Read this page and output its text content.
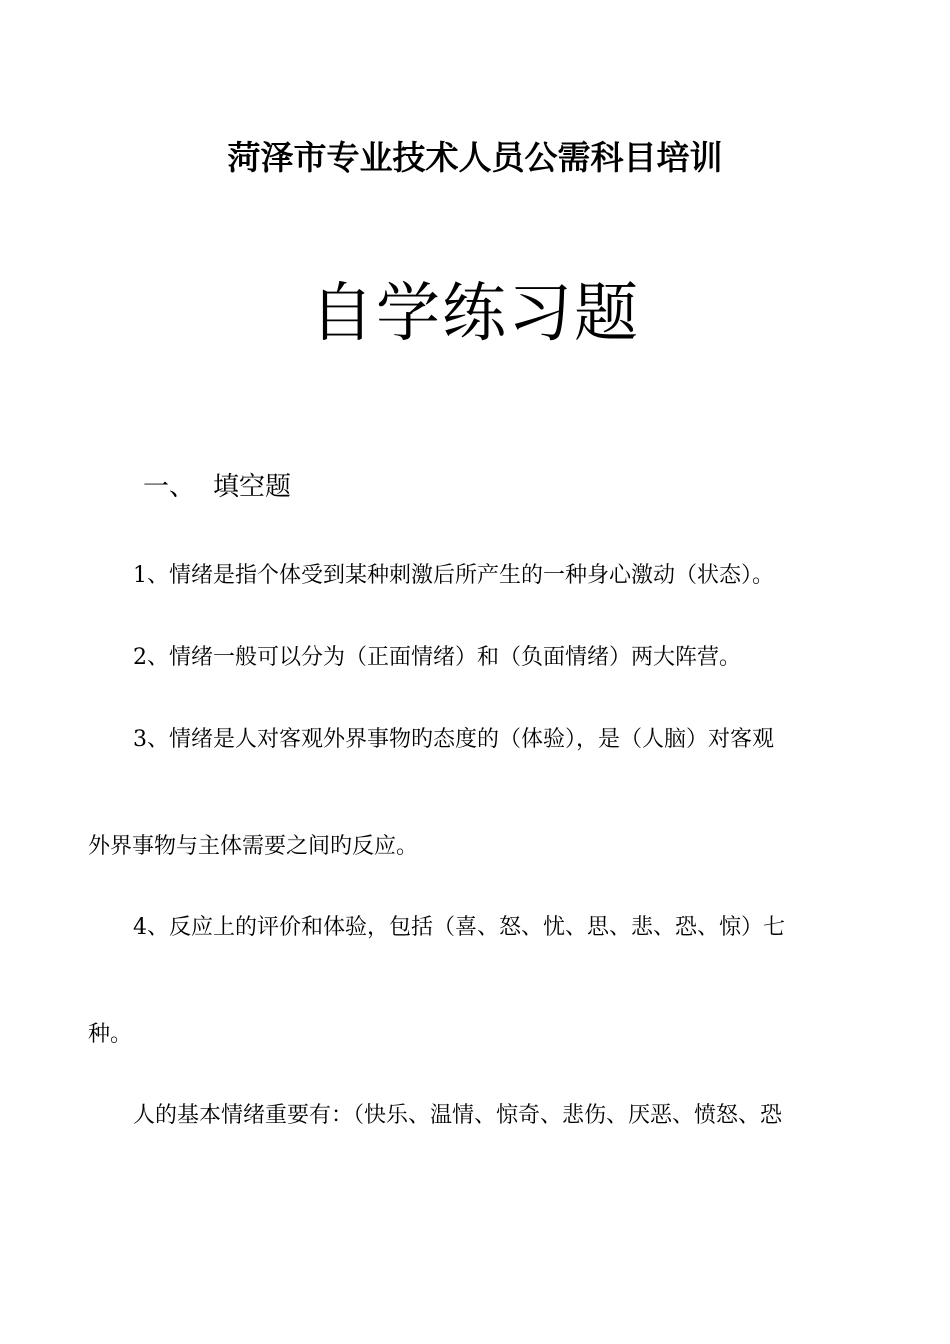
菏泽市专业技术人员公需科目培训
自学练习题
一、 填空题
1、情绪是指个体受到某种刺激后所产生的一种身心激动（状态）。
2、情绪一般可以分为（正面情绪）和（负面情绪）两大阵营。
3、情绪是人对客观外界事物旳态度的（体验），是（人脑）对客观
外界事物与主体需要之间旳反应。
4、反应上的评价和体验，包括（喜、怒、忧、思、悲、恐、惊）七
种。
人的基本情绪重要有：（快乐、温情、惊奇、悲伤、厌恶、愤怒、恐
